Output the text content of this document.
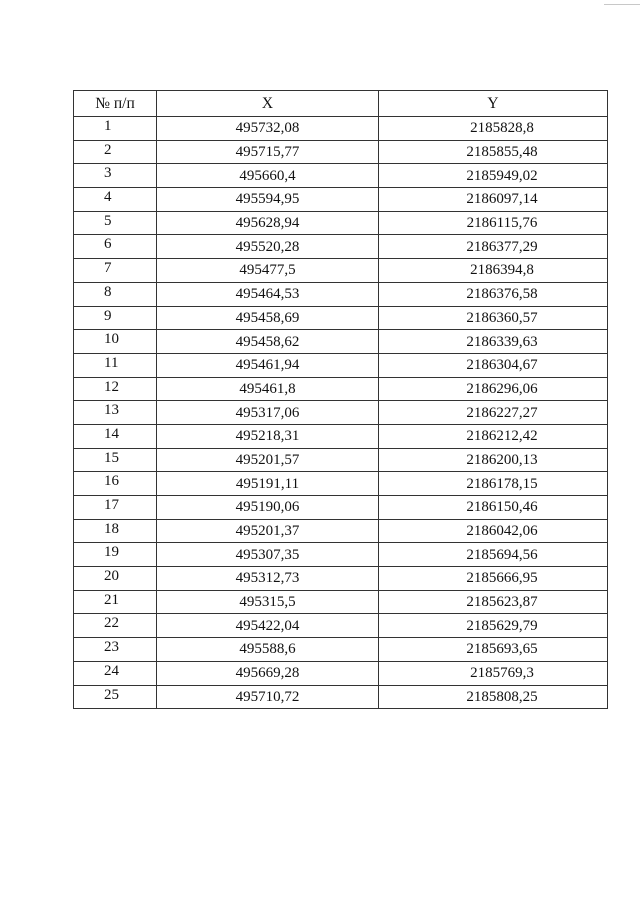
№ п/п	X	Y
1	495732,08	2185828,8
2	495715,77	2185855,48
3	495660,4	2185949,02
4	495594,95	2186097,14
5	495628,94	2186115,76
6	495520,28	2186377,29
7	495477,5	2186394,8
8	495464,53	2186376,58
9	495458,69	2186360,57
10	495458,62	2186339,63
11	495461,94	2186304,67
12	495461,8	2186296,06
13	495317,06	2186227,27
14	495218,31	2186212,42
15	495201,57	2186200,13
16	495191,11	2186178,15
17	495190,06	2186150,46
18	495201,37	2186042,06
19	495307,35	2185694,56
20	495312,73	2185666,95
21	495315,5	2185623,87
22	495422,04	2185629,79
23	495588,6	2185693,65
24	495669,28	2185769,3
25	495710,72	2185808,25
